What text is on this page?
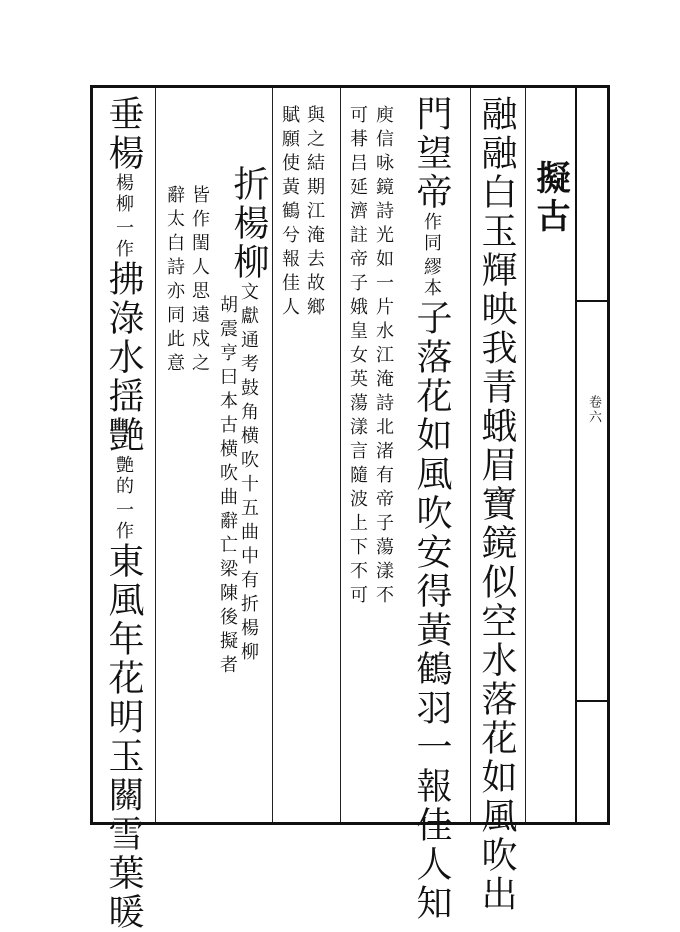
卷六
擬古
融融白玉輝映我青蛾眉寶鏡似空水落花如風吹出
門望帝
繆本
作同
子落花如風吹安得黃鶴羽一報佳人知
庾信咏鏡詩光如一片水江淹詩北渚有帝子蕩漾不
可朞吕延濟註帝子娥皇女英蕩漾言隨波上下不可
與之結期江淹去故鄉
賦願使黃鶴兮報佳人
折楊柳文獻通考鼓角横吹十五曲中有折楊柳
胡震亨曰本古横吹曲辭亡梁陳後擬者
皆作閨人思遠戍之
辭太白詩亦同此意
垂楊
一作
楊柳
拂淥水揺艷
一作
艶的
東風年花明玉關雪葉暖
